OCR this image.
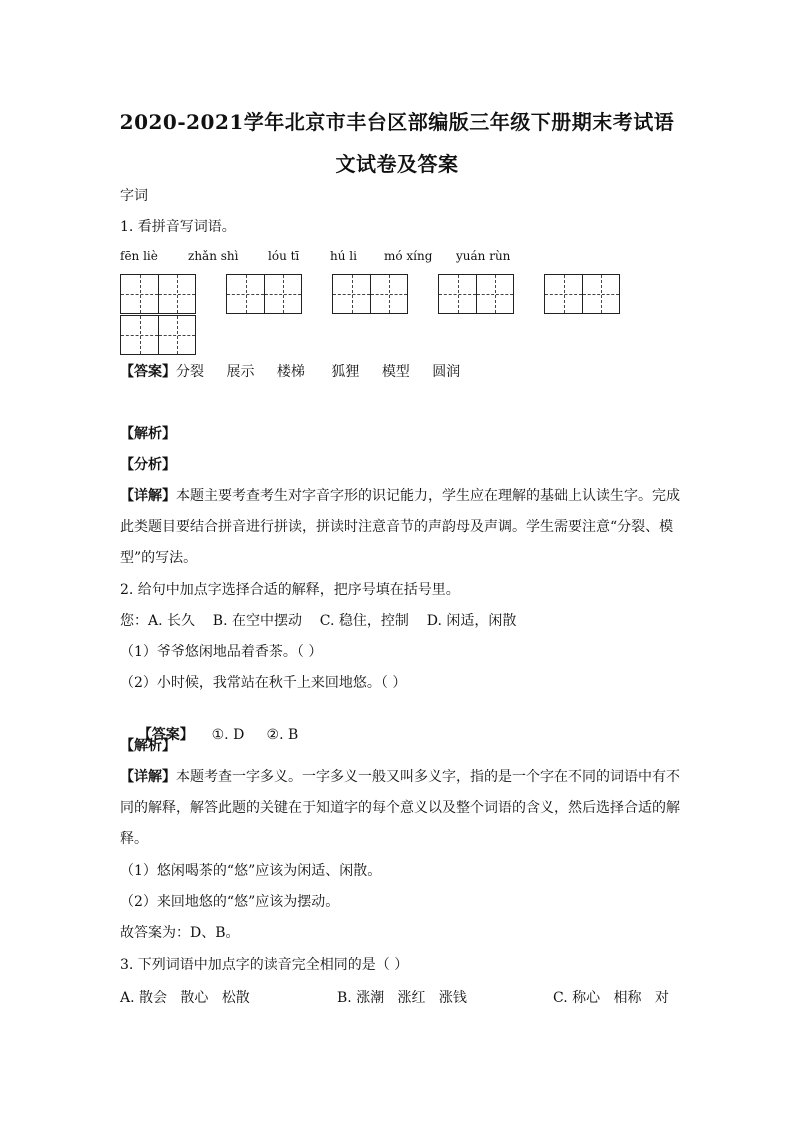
2020-2021学年北京市丰台区部编版三年级下册期末考试语
文试卷及答案
字词
1. 看拼音写词语。
fēn liè	zhǎn shì lóu tī	hú li mó xíng yuán rùn
【答案】分裂 展示 楼梯 狐狸 模型 圆润
【解析】
【分析】
【详解】本题主要考查考生对字音字形的识记能力，学生应在理解的基础上认读生字。完成
此类题目要结合拼音进行拼读，拼读时注意音节的声韵母及声调。学生需要注意“分裂、模
型”的写法。
2. 给句中加点字选择合适的解释，把序号填在括号里。
您：A. 长久    B. 在空中摆动    C. 稳住，控制    D. 闲适，闲散
（1）爷爷悠闲地品着香茶。（ ）
（2）小时候，我常站在秋千上来回地悠。（ ）

【答案】    ①. D     ②. B

【解析】
【详解】本题考查一字多义。一字多义一般又叫多义字，指的是一个字在不同的词语中有不
同的解释，解答此题的关键在于知道字的每个意义以及整个词语的含义，然后选择合适的解
释。
（1）悠闲喝茶的“悠”应该为闲适、闲散。
（2）来回地悠的“悠”应该为摆动。
故答案为：D、B。
3. 下列词语中加点字的读音完全相同的是（ ）
A. 散会   散心   松散	B. 涨潮   涨红   涨钱	C. 称心   相称   对
